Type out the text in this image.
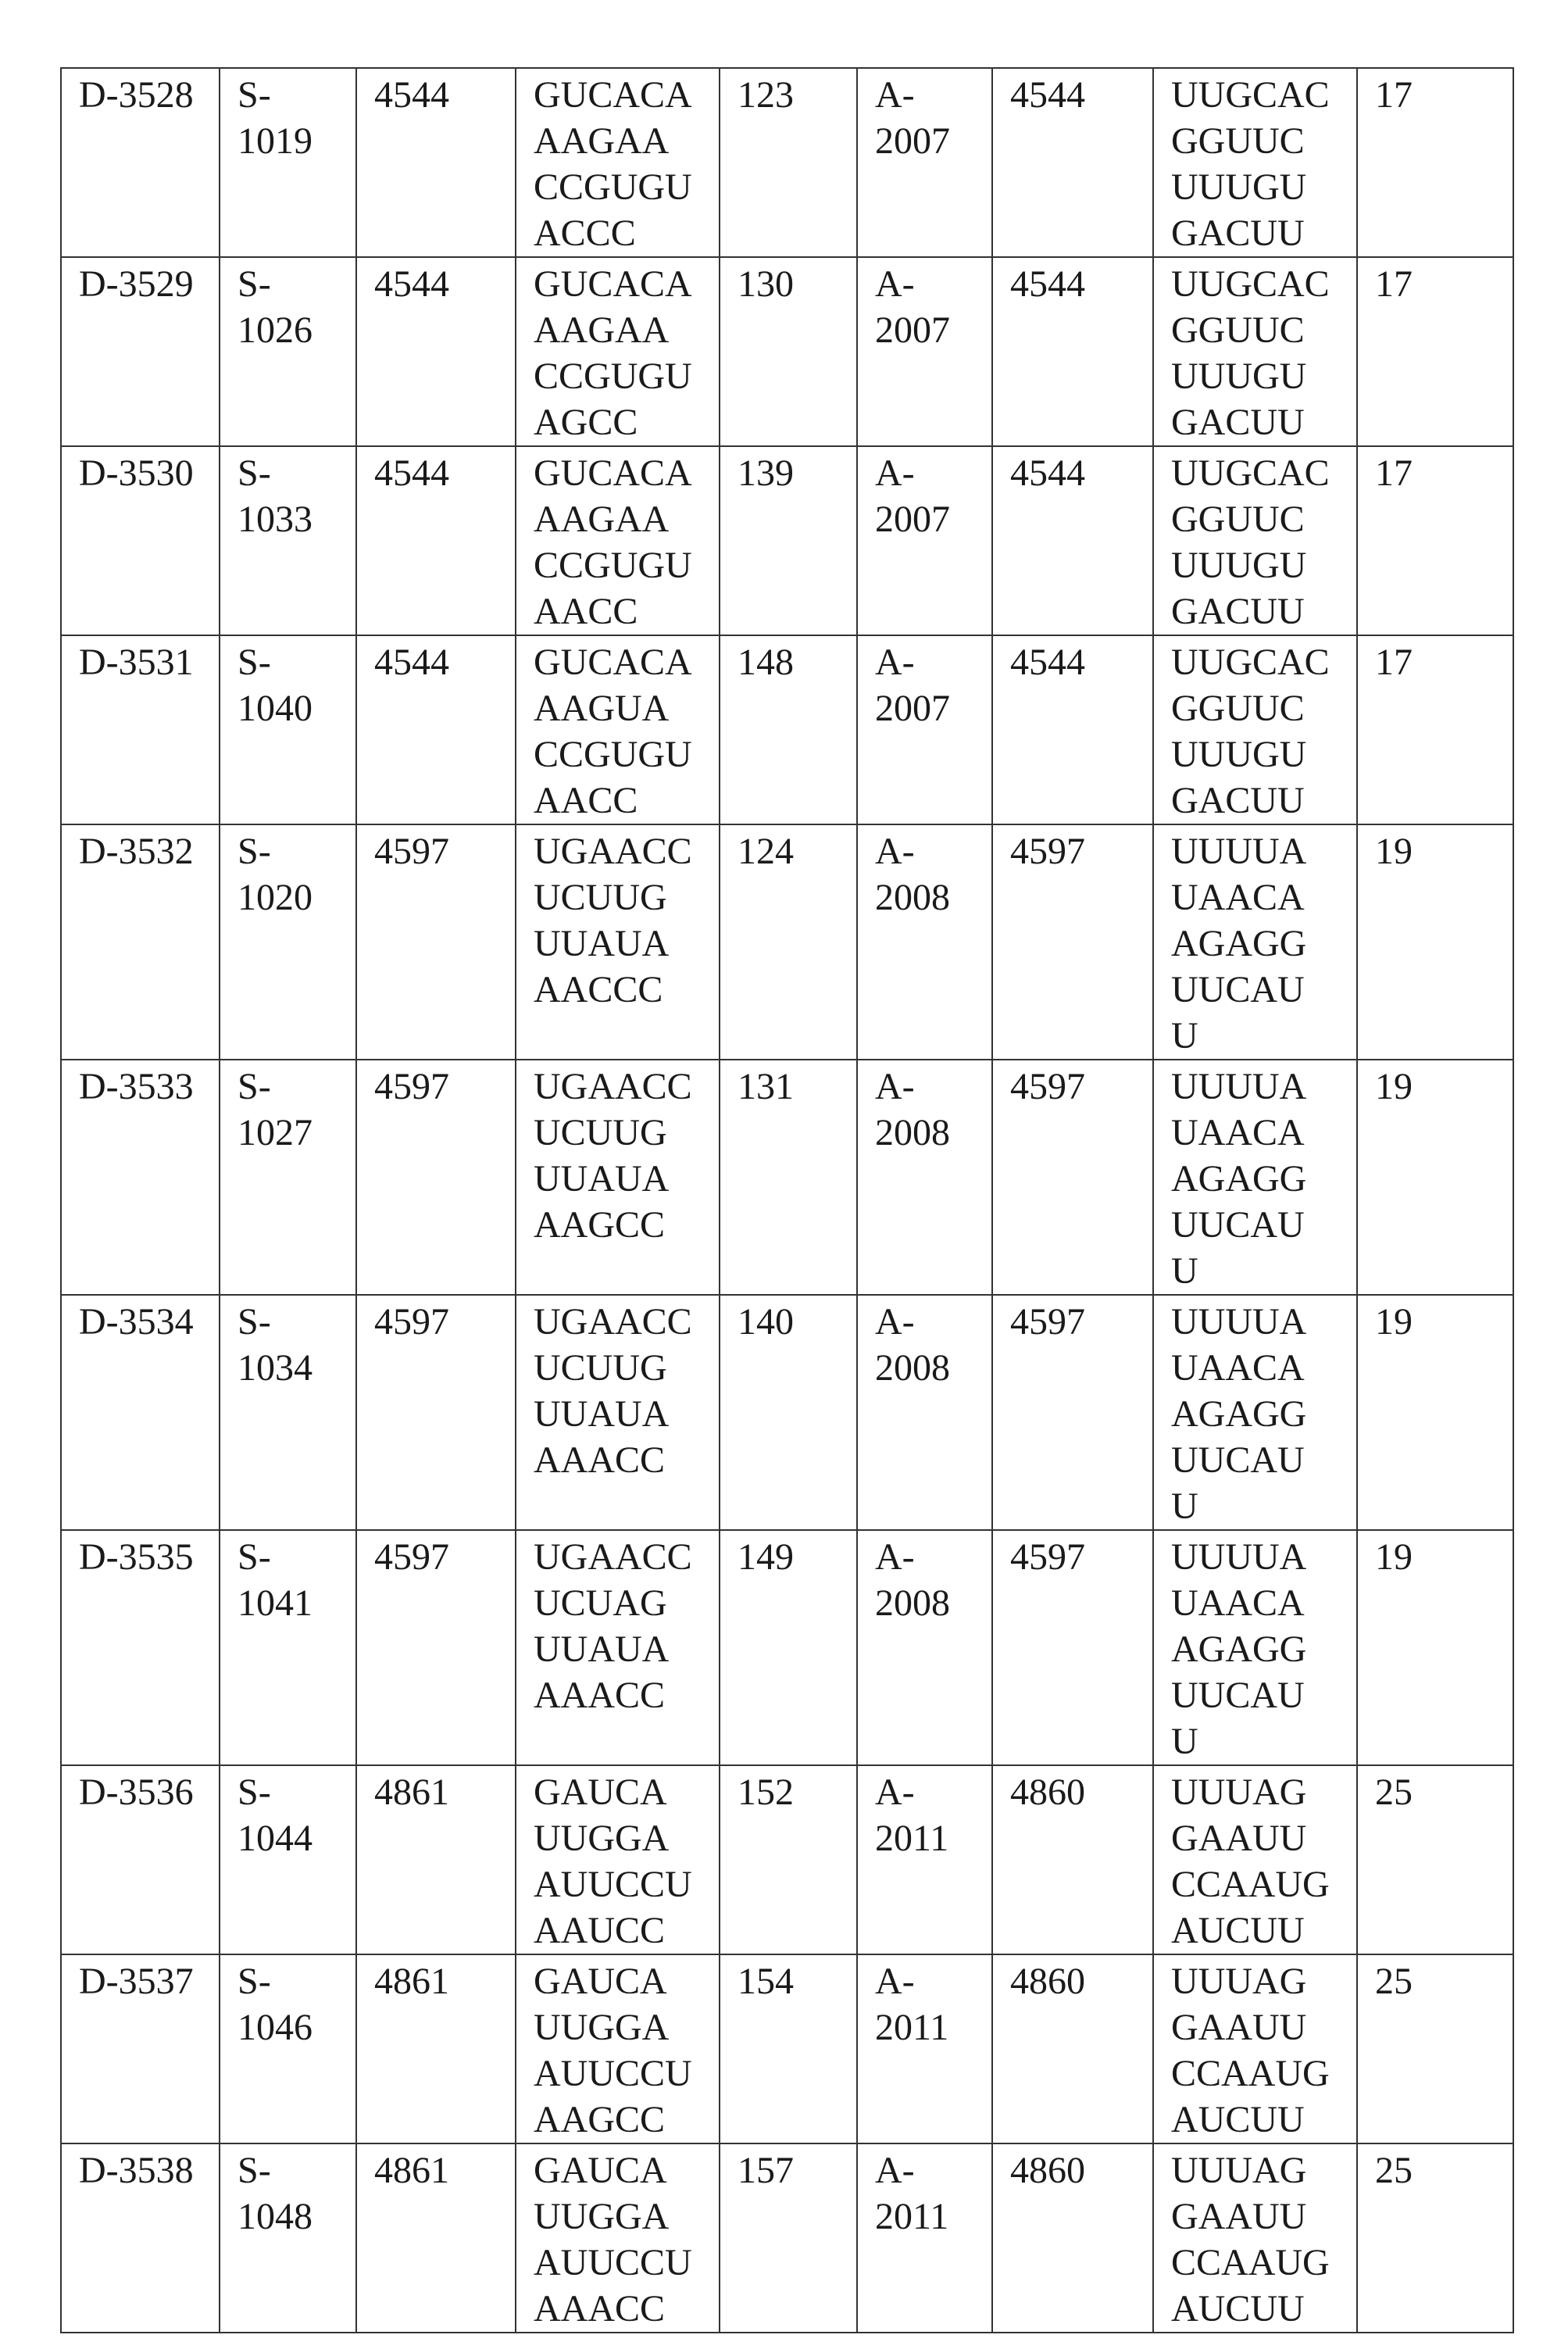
D-3528	S-
1019	4544	GUCACA
AAGAA
CCGUGU
ACCC	123	A-
2007	4544	UUGCAC
GGUUC
UUUGU
GACUU	17
D-3529	S-
1026	4544	GUCACA
AAGAA
CCGUGU
AGCC	130	A-
2007	4544	UUGCAC
GGUUC
UUUGU
GACUU	17
D-3530	S-
1033	4544	GUCACA
AAGAA
CCGUGU
AACC	139	A-
2007	4544	UUGCAC
GGUUC
UUUGU
GACUU	17
D-3531	S-
1040	4544	GUCACA
AAGUA
CCGUGU
AACC	148	A-
2007	4544	UUGCAC
GGUUC
UUUGU
GACUU	17
D-3532	S-
1020	4597	UGAACC
UCUUG
UUAUA
AACCC	124	A-
2008	4597	UUUUA
UAACA
AGAGG
UUCAU
U	19
D-3533	S-
1027	4597	UGAACC
UCUUG
UUAUA
AAGCC	131	A-
2008	4597	UUUUA
UAACA
AGAGG
UUCAU
U	19
D-3534	S-
1034	4597	UGAACC
UCUUG
UUAUA
AAACC	140	A-
2008	4597	UUUUA
UAACA
AGAGG
UUCAU
U	19
D-3535	S-
1041	4597	UGAACC
UCUAG
UUAUA
AAACC	149	A-
2008	4597	UUUUA
UAACA
AGAGG
UUCAU
U	19
D-3536	S-
1044	4861	GAUCA
UUGGA
AUUCCU
AAUCC	152	A-
2011	4860	UUUAG
GAAUU
CCAAUG
AUCUU	25
D-3537	S-
1046	4861	GAUCA
UUGGA
AUUCCU
AAGCC	154	A-
2011	4860	UUUAG
GAAUU
CCAAUG
AUCUU	25
D-3538	S-
1048	4861	GAUCA
UUGGA
AUUCCU
AAACC	157	A-
2011	4860	UUUAG
GAAUU
CCAAUG
AUCUU	25
